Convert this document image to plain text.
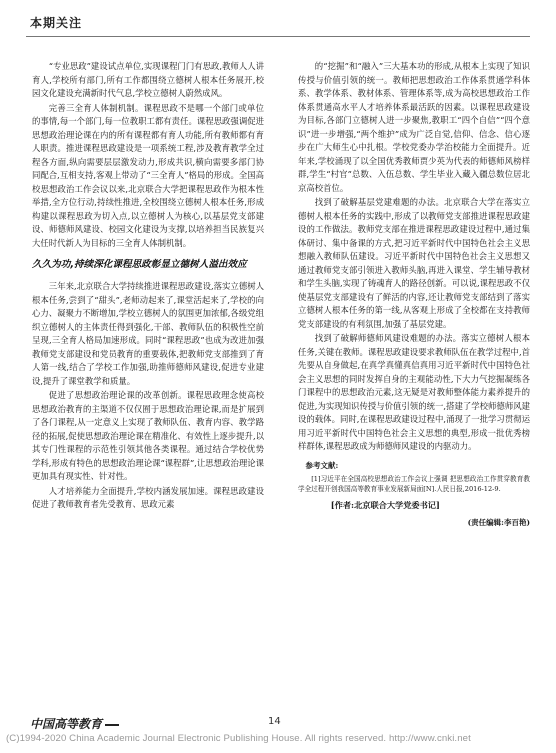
本期关注

“专业思政”建设试点单位,实现课程门门有思政,教师人人讲育人,学校所有部门,所有工作都围绕立德树人根本任务展开,校园文化建设充满新时代气息,学校立德树人蔚然成风。

完善三全育人体制机制。课程思政不是哪一个部门或单位的事情,每一个部门,每一位教职工都有责任。课程思政强调促进思想政治理论课在内的所有课程都有育人功能,所有教师都有育人职责。推进课程思政建设是一项系统工程,涉及教育教学全过程各方面,纵向需要层层激发动力,形成共识,横向需要多部门协同配合,互相支持,客观上带动了“三全育人”格局的形成。全国高校思想政治工作会议以来,北京联合大学把课程思政作为根本性举措,全方位行动,持续性推进,全校围绕立德树人根本任务,形成构建以课程思政为切入点,以立德树人为核心,以基层党支部建设、师德师风建设、校园文化建设为支撑,以培养担当民族复兴大任时代新人为目标的三全育人体制机制。

久久为功,持续深化课程思政彰显立德树人溢出效应

三年来,北京联合大学持续推进课程思政建设,落实立德树人根本任务,尝到了“甜头”,老师动起来了,课堂活起来了,学校的向心力、凝聚力不断增加,学校立德树人的氛围更加浓郁,各级党组织立德树人的主体责任得到强化,干部、教师队伍的积极性空前呈现,三全育人格局加速形成。同时“课程思政”也成为改进加强教师党支部建设和党员教育的重要载体,把教师党支部推到了育人第一线,结合了学校工作加强,助推师德师风建设,促进专业建设,提升了课堂教学和质量。

促进了思想政治理论课的改革创新。课程思政理念使高校思想政治教育的主渠道不仅仅囿于思想政治理论课,而是扩展到了各门课程,从一定意义上实现了教师队伍、教育内容、教学路径的拓展,促使思想政治理论课在精准化、有效性上逐步提升,以其专门性课程的示范性引领其他各类课程。通过结合学校优势学科,形成有特色的思想政治理论课“课程群”,让思想政治理论课更加具有现实性、针对性。

人才培养能力全面提升,学校内涵发展加速。课程思政建设促进了教师教育者先受教育、思政元素

的“挖掘”和“融入”三大基本功的形成,从根本上实现了知识传授与价值引领的统一。教师把思想政治工作体系贯通学科体系、教学体系、教材体系、管理体系等,成为高校思想政治工作体系贯通高水平人才培养体系最活跃的因素。以课程思政建设为目标,各部门立德树人进一步聚焦,教职工“四个自信”“四个意识”进一步增强,“两个维护”成为广泛自觉,信仰、信念、信心逐步在广大师生心中扎根。学校党委办学治校能力全面提升。近年来,学校涌现了以全国优秀教师贾少英为代表的师德师风榜样群,学生“村官”总数、入伍总数、学生毕业入藏入疆总数位居北京高校首位。

找到了破解基层党建难题的办法。北京联合大学在落实立德树人根本任务的实践中,形成了以教师党支部推进课程思政建设的工作做法。教师党支部在推进课程思政建设过程中,通过集体研讨、集中备课的方式,把习近平新时代中国特色社会主义思想融入教师队伍建设。习近平新时代中国特色社会主义思想又通过教师党支部引领进入教师头脑,再进入课堂、学生辅导教材和学生头脑,实现了铸魂育人的路径创新。可以说,课程思政不仅使基层党支部建设有了鲜活的内容,还让教师党支部结到了落实立德树人根本任务的第一线,从客观上形成了全校都在支持教师党支部建设的有利氛围,加强了基层党建。

找到了破解师德师风建设难题的办法。落实立德树人根本任务,关键在教师。课程思政建设要求教师队伍在教学过程中,首先要从自身做起,在真学真懂真信真用习近平新时代中国特色社会主义思想的同时发挥自身的主观能动性,下大力气挖掘凝练各门课程中的思想政治元素,这无疑是对教师整体能力素养提升的促进,为实现知识传授与价值引领的统一,搭建了学校师德师风建设的载体。同时,在课程思政建设过程中,涌现了一批学习贯彻运用习近平新时代中国特色社会主义思想的典型,形成一批优秀榜样群体,课程思政成为师德师风建设的内驱动力。

参考文献:

[1]习近平在全国高校思想政治工作会议上强调 把思想政治工作贯穿教育教学全过程开创我国高等教育事业发展新局面[N].人民日报,2016-12-9.

[作者:北京联合大学党委书记]
(责任编辑:李百艳)
中国高等教育	14
(C)1994-2020 China Academic Journal Electronic Publishing House. All rights reserved. http://www.cnki.net
